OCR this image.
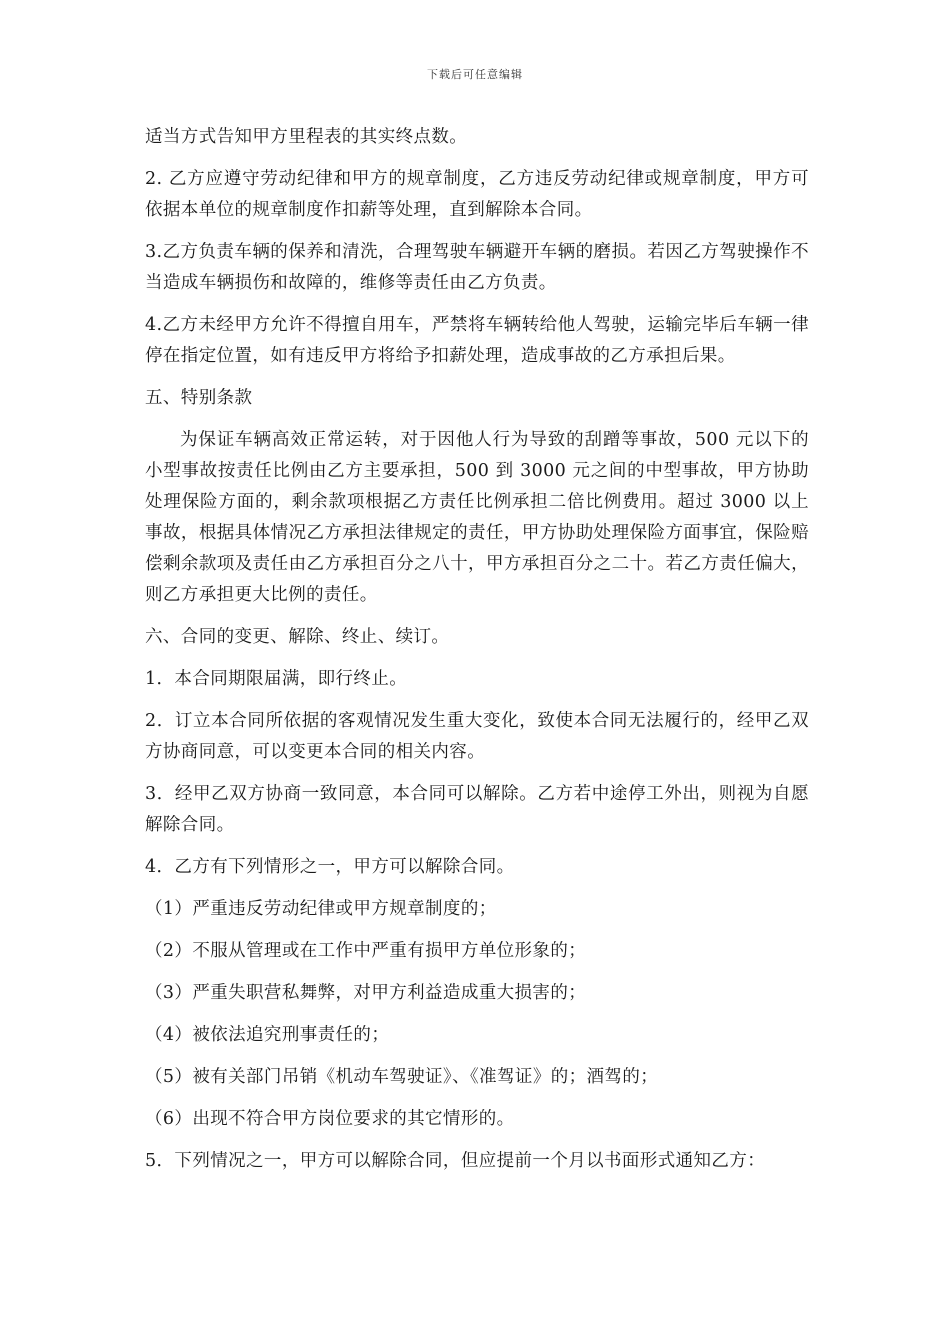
下载后可任意编辑

适当方式告知甲方里程表的其实终点数。

2. 乙方应遵守劳动纪律和甲方的规章制度，乙方违反劳动纪律或规章制度，甲方可依据本单位的规章制度作扣薪等处理，直到解除本合同。

3.乙方负责车辆的保养和清洗，合理驾驶车辆避开车辆的磨损。若因乙方驾驶操作不当造成车辆损伤和故障的，维修等责任由乙方负责。

4.乙方未经甲方允许不得擅自用车，严禁将车辆转给他人驾驶，运输完毕后车辆一律停在指定位置，如有违反甲方将给予扣薪处理，造成事故的乙方承担后果。

五、特别条款

为保证车辆高效正常运转，对于因他人行为导致的刮蹭等事故，500 元以下的小型事故按责任比例由乙方主要承担，500 到 3000 元之间的中型事故，甲方协助处理保险方面的，剩余款项根据乙方责任比例承担二倍比例费用。超过 3000 以上事故，根据具体情况乙方承担法律规定的责任，甲方协助处理保险方面事宜，保险赔偿剩余款项及责任由乙方承担百分之八十，甲方承担百分之二十。若乙方责任偏大，则乙方承担更大比例的责任。

六、合同的变更、解除、终止、续订。

1．本合同期限届满，即行终止。

2．订立本合同所依据的客观情况发生重大变化，致使本合同无法履行的，经甲乙双方协商同意，可以变更本合同的相关内容。

3．经甲乙双方协商一致同意，本合同可以解除。乙方若中途停工外出，则视为自愿解除合同。

4．乙方有下列情形之一，甲方可以解除合同。

（1）严重违反劳动纪律或甲方规章制度的；

（2）不服从管理或在工作中严重有损甲方单位形象的；

（3）严重失职营私舞弊，对甲方利益造成重大损害的；

（4）被依法追究刑事责任的；

（5）被有关部门吊销《机动车驾驶证》、《准驾证》的；酒驾的；

（6）出现不符合甲方岗位要求的其它情形的。

5．下列情况之一，甲方可以解除合同，但应提前一个月以书面形式通知乙方：
